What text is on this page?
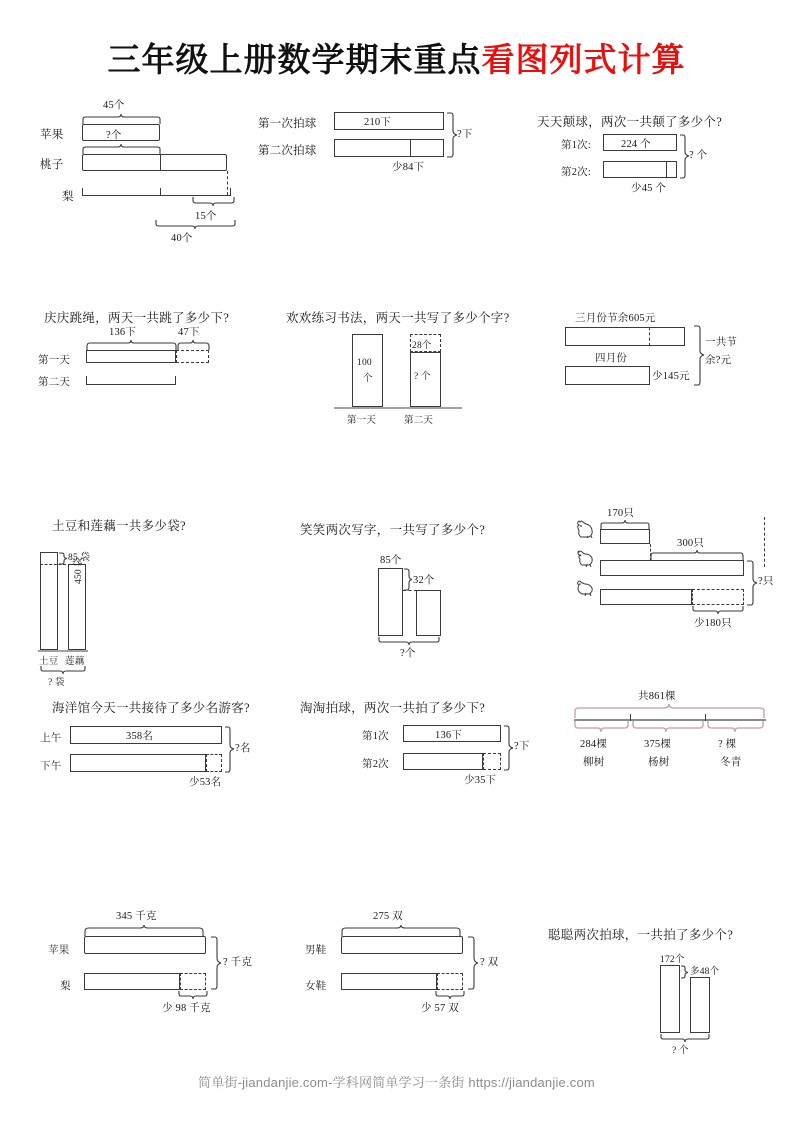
三年级上册数学期末重点看图列式计算
苹果
桃子
梨
45个
?个
15个
40个
第一次拍球
第二次拍球
210下
少84下
?下
天天颠球，两次一共颠了多少个?
第1次:
第2次:
224 个
少45 个
? 个
庆庆跳绳，两天一共跳了多少下?
第一天
第二天
136下	47下
欢欢练习书法，两天一共写了多少个字?
100
个
28个
? 个
第一天	第二天
三月份节余605元
四月份
少145元
一共节
余?元
土豆和莲藕一共多少袋?
85 袋
450 袋
土豆 莲藕
? 袋
笑笑两次写字，一共写了多少个?
85个
32个
?个
170只
300只
少180只
?只
海洋馆今天一共接待了多少名游客?
上午
下午
358名
少53名
?名
淘淘拍球，两次一共拍了多少下?
第1次
第2次
136下
少35下
?下
共861棵
284棵
柳树
375棵
杨树
? 棵
冬青
345 千克
苹果
梨
少 98 千克
? 千克
275 双
男鞋
女鞋
少 57 双
? 双
聪聪两次拍球，一共拍了多少个?
172个
多48个
? 个
简单街-jiandanjie.com-学科网简单学习一条街 https://jiandanjie.com
